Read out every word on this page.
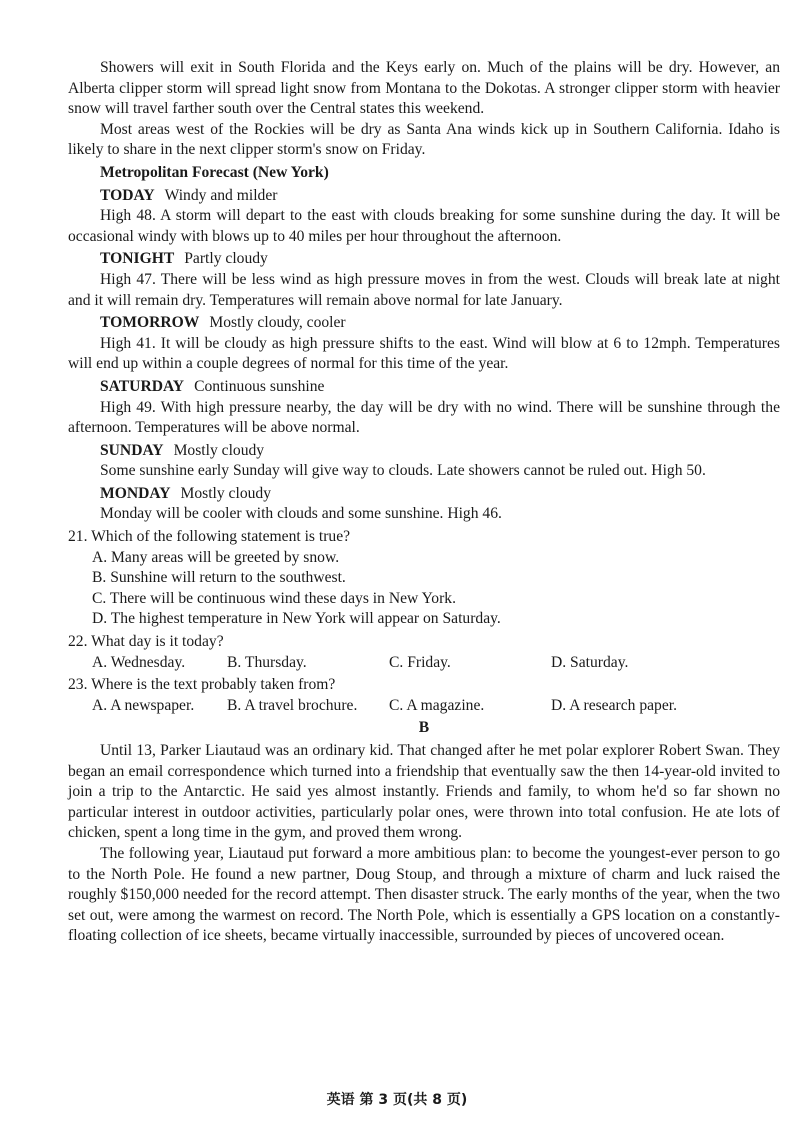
Showers will exit in South Florida and the Keys early on. Much of the plains will be dry. However, an Alberta clipper storm will spread light snow from Montana to the Dokotas. A stronger clipper storm with heavier snow will travel farther south over the Central states this weekend.

Most areas west of the Rockies will be dry as Santa Ana winds kick up in Southern California. Idaho is likely to share in the next clipper storm's snow on Friday.

Metropolitan Forecast (New York)

TODAY Windy and milder

High 48. A storm will depart to the east with clouds breaking for some sunshine during the day. It will be occasional windy with blows up to 40 miles per hour throughout the afternoon.

TONIGHT Partly cloudy

High 47. There will be less wind as high pressure moves in from the west. Clouds will break late at night and it will remain dry. Temperatures will remain above normal for late January.

TOMORROW Mostly cloudy, cooler

High 41. It will be cloudy as high pressure shifts to the east. Wind will blow at 6 to 12mph. Temperatures will end up within a couple degrees of normal for this time of the year.

SATURDAY Continuous sunshine

High 49. With high pressure nearby, the day will be dry with no wind. There will be sunshine through the afternoon. Temperatures will be above normal.

SUNDAY Mostly cloudy

Some sunshine early Sunday will give way to clouds. Late showers cannot be ruled out. High 50.

MONDAY Mostly cloudy

Monday will be cooler with clouds and some sunshine. High 46.

21. Which of the following statement is true?

A. Many areas will be greeted by snow.

B. Sunshine will return to the southwest.

C. There will be continuous wind these days in New York.

D. The highest temperature in New York will appear on Saturday.

22. What day is it today?

A. Wednesday.	B. Thursday.	C. Friday.	D. Saturday.

23. Where is the text probably taken from?

A. A newspaper.	B. A travel brochure.	C. A magazine.	D. A research paper.

B

Until 13, Parker Liautaud was an ordinary kid. That changed after he met polar explorer Robert Swan. They began an email correspondence which turned into a friendship that eventually saw the then 14-year-old invited to join a trip to the Antarctic. He said yes almost instantly. Friends and family, to whom he'd so far shown no particular interest in outdoor activities, particularly polar ones, were thrown into total confusion. He ate lots of chicken, spent a long time in the gym, and proved them wrong.

The following year, Liautaud put forward a more ambitious plan: to become the youngest-ever person to go to the North Pole. He found a new partner, Doug Stoup, and through a mixture of charm and luck raised the roughly $150,000 needed for the record attempt. Then disaster struck. The early months of the year, when the two set out, were among the warmest on record. The North Pole, which is essentially a GPS location on a constantly-floating collection of ice sheets, became virtually inaccessible, surrounded by pieces of uncovered ocean.

英语 第 3 页(共 8 页)
